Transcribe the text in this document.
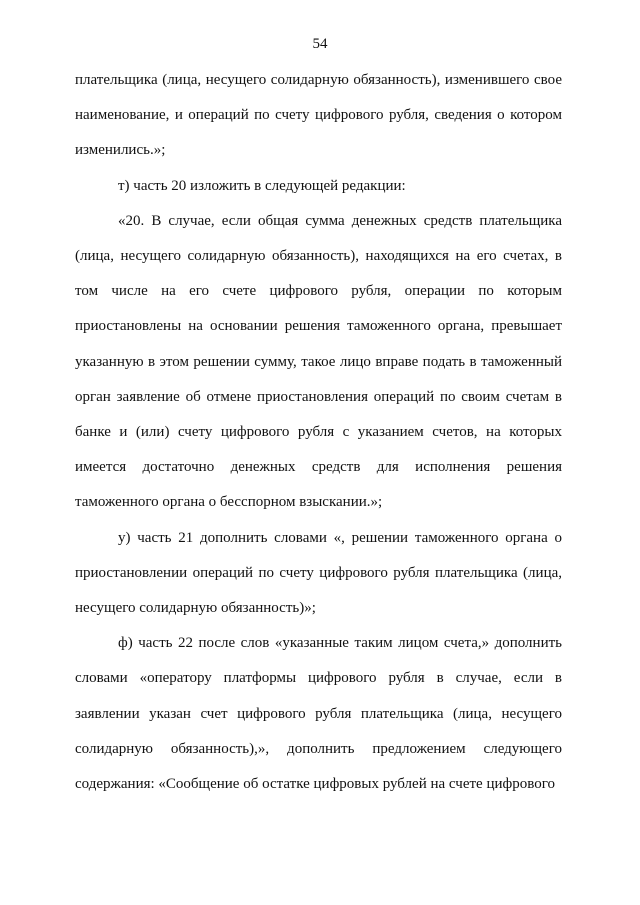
54

плательщика (лица, несущего солидарную обязанность), изменившего свое наименование, и операций по счету цифрового рубля, сведения о котором изменились.»;

т) часть 20 изложить в следующей редакции:

«20. В случае, если общая сумма денежных средств плательщика (лица, несущего солидарную обязанность), находящихся на его счетах, в том числе на его счете цифрового рубля, операции по которым приостановлены на основании решения таможенного органа, превышает указанную в этом решении сумму, такое лицо вправе подать в таможенный орган заявление об отмене приостановления операций по своим счетам в банке и (или) счету цифрового рубля с указанием счетов, на которых имеется достаточно денежных средств для исполнения решения таможенного органа о бесспорном взыскании.»;

у) часть 21 дополнить словами «, решении таможенного органа о приостановлении операций по счету цифрового рубля плательщика (лица, несущего солидарную обязанность)»;

ф) часть 22 после слов «указанные таким лицом счета,» дополнить словами «оператору платформы цифрового рубля в случае, если в заявлении указан счет цифрового рубля плательщика (лица, несущего солидарную обязанность),», дополнить предложением следующего содержания: «Сообщение об остатке цифровых рублей на счете цифрового
